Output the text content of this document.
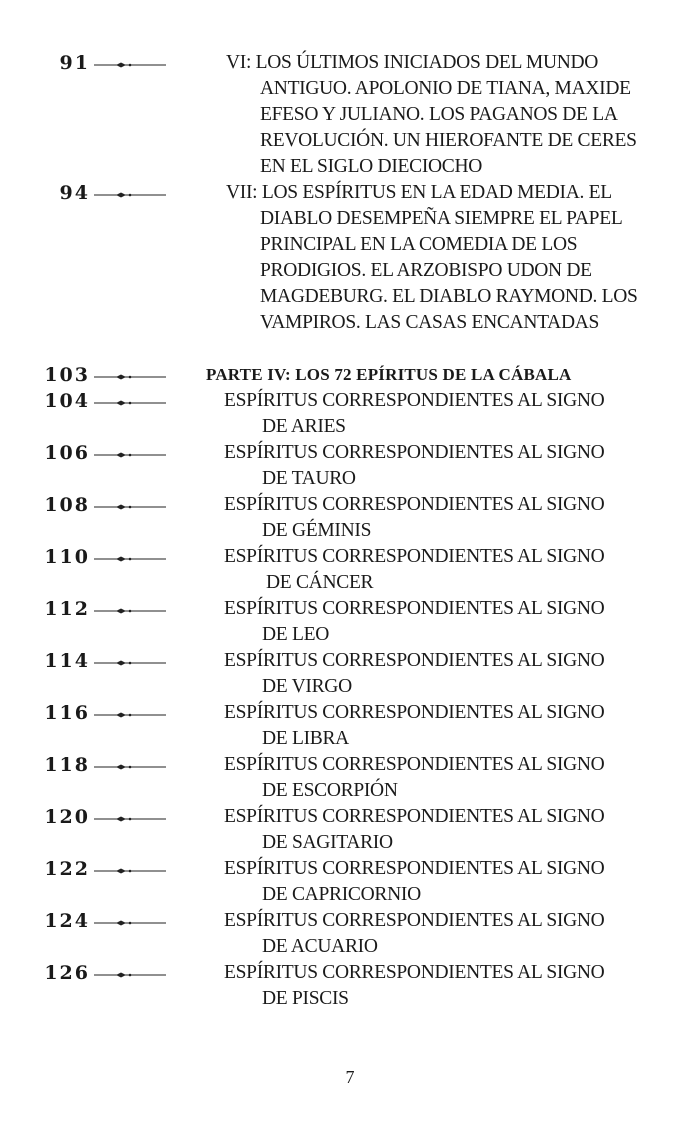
91	VI: LOS ÚLTIMOS INICIADOS DEL MUNDO
ANTIGUO. APOLONIO DE TIANA, MAXIDE
EFESO Y JULIANO. LOS PAGANOS DE LA
REVOLUCIÓN. UN HIEROFANTE DE CERES
EN EL SIGLO DIECIOCHO
94	VII: LOS ESPÍRITUS EN LA EDAD MEDIA. EL
DIABLO DESEMPEÑA SIEMPRE EL PAPEL
PRINCIPAL EN LA COMEDIA DE LOS
PRODIGIOS. EL ARZOBISPO UDON DE
MAGDEBURG. EL DIABLO RAYMOND. LOS
VAMPIROS. LAS CASAS ENCANTADAS
103	PARTE IV: LOS 72 EPÍRITUS DE LA CÁBALA
104	ESPÍRITUS CORRESPONDIENTES AL SIGNO
DE ARIES
106	ESPÍRITUS CORRESPONDIENTES AL SIGNO
DE TAURO
108	ESPÍRITUS CORRESPONDIENTES AL SIGNO
DE GÉMINIS
110	ESPÍRITUS CORRESPONDIENTES AL SIGNO
DE CÁNCER
112	ESPÍRITUS CORRESPONDIENTES AL SIGNO
DE LEO
114	ESPÍRITUS CORRESPONDIENTES AL SIGNO
DE VIRGO
116	ESPÍRITUS CORRESPONDIENTES AL SIGNO
DE LIBRA
118	ESPÍRITUS CORRESPONDIENTES AL SIGNO
DE ESCORPIÓN
120	ESPÍRITUS CORRESPONDIENTES AL SIGNO
DE SAGITARIO
122	ESPÍRITUS CORRESPONDIENTES AL SIGNO
DE CAPRICORNIO
124	ESPÍRITUS CORRESPONDIENTES AL SIGNO
DE ACUARIO
126	ESPÍRITUS CORRESPONDIENTES AL SIGNO
DE PISCIS
7
